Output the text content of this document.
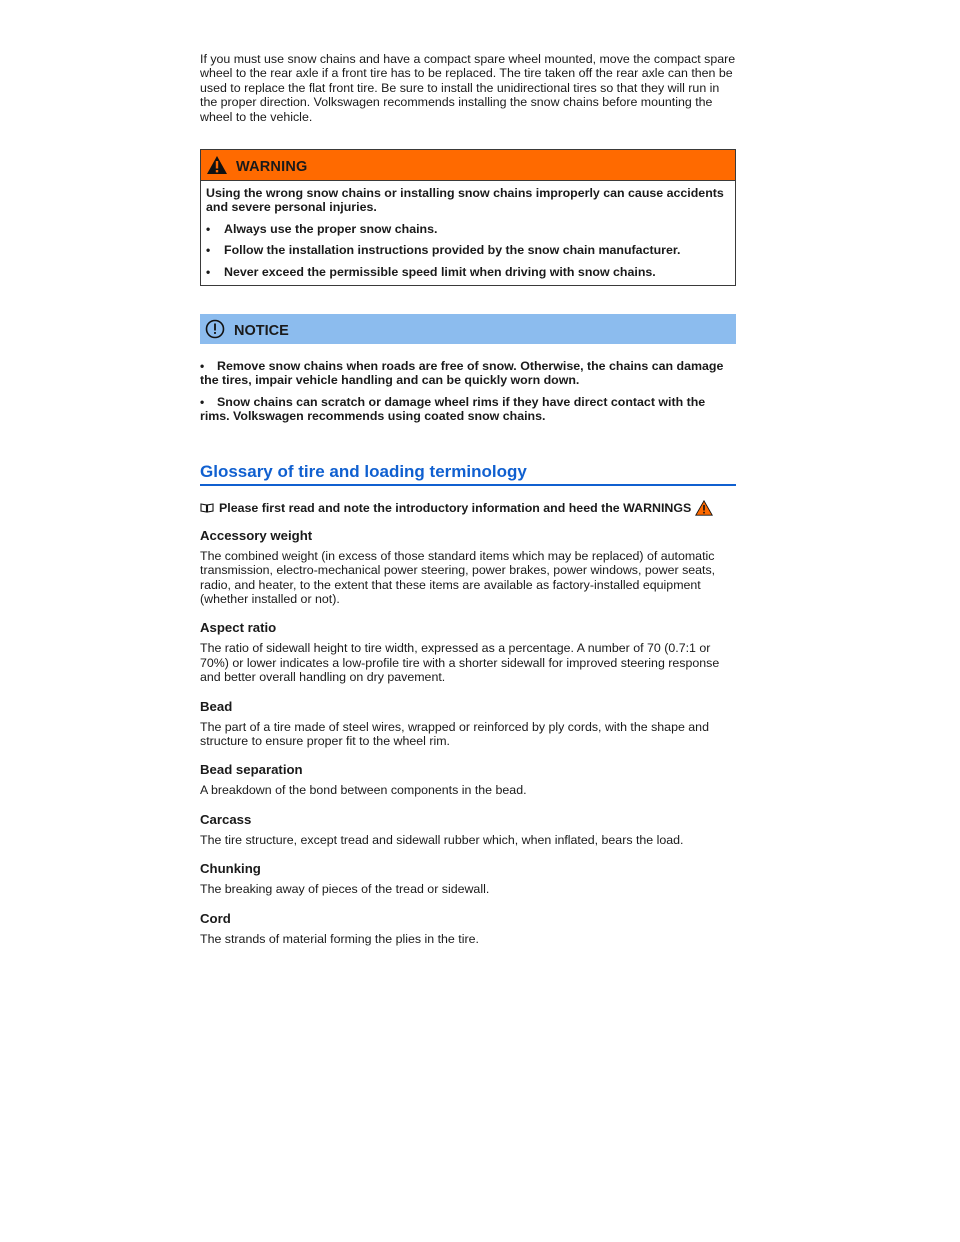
If you must use snow chains and have a compact spare wheel mounted, move the compact spare wheel to the rear axle if a front tire has to be replaced. The tire taken off the rear axle can then be used to replace the flat front tire. Be sure to install the unidirectional tires so that they will run in the proper direction. Volkswagen recommends installing the snow chains before mounting the wheel to the vehicle.

WARNING

Using the wrong snow chains or installing snow chains improperly can cause accidents and severe personal injuries.

•	Always use the proper snow chains.

•	Follow the installation instructions provided by the snow chain manufacturer.

•	Never exceed the permissible speed limit when driving with snow chains.

NOTICE
• Remove snow chains when roads are free of snow. Otherwise, the chains can damage the tires, impair vehicle handling and can be quickly worn down.
• Snow chains can scratch or damage wheel rims if they have direct contact with the rims. Volkswagen recommends using coated snow chains.
Glossary of tire and loading terminology
Please first read and note the introductory information and heed the WARNINGS
Accessory weight

The combined weight (in excess of those standard items which may be replaced) of automatic transmission, electro-mechanical power steering, power brakes, power windows, power seats, radio, and heater, to the extent that these items are available as factory-installed equipment (whether installed or not).

Aspect ratio

The ratio of sidewall height to tire width, expressed as a percentage. A number of 70 (0.7:1 or 70%) or lower indicates a low-profile tire with a shorter sidewall for improved steering response and better overall handling on dry pavement.

Bead

The part of a tire made of steel wires, wrapped or reinforced by ply cords, with the shape and structure to ensure proper fit to the wheel rim.

Bead separation

A breakdown of the bond between components in the bead.

Carcass

The tire structure, except tread and sidewall rubber which, when inflated, bears the load.

Chunking

The breaking away of pieces of the tread or sidewall.

Cord

The strands of material forming the plies in the tire.
